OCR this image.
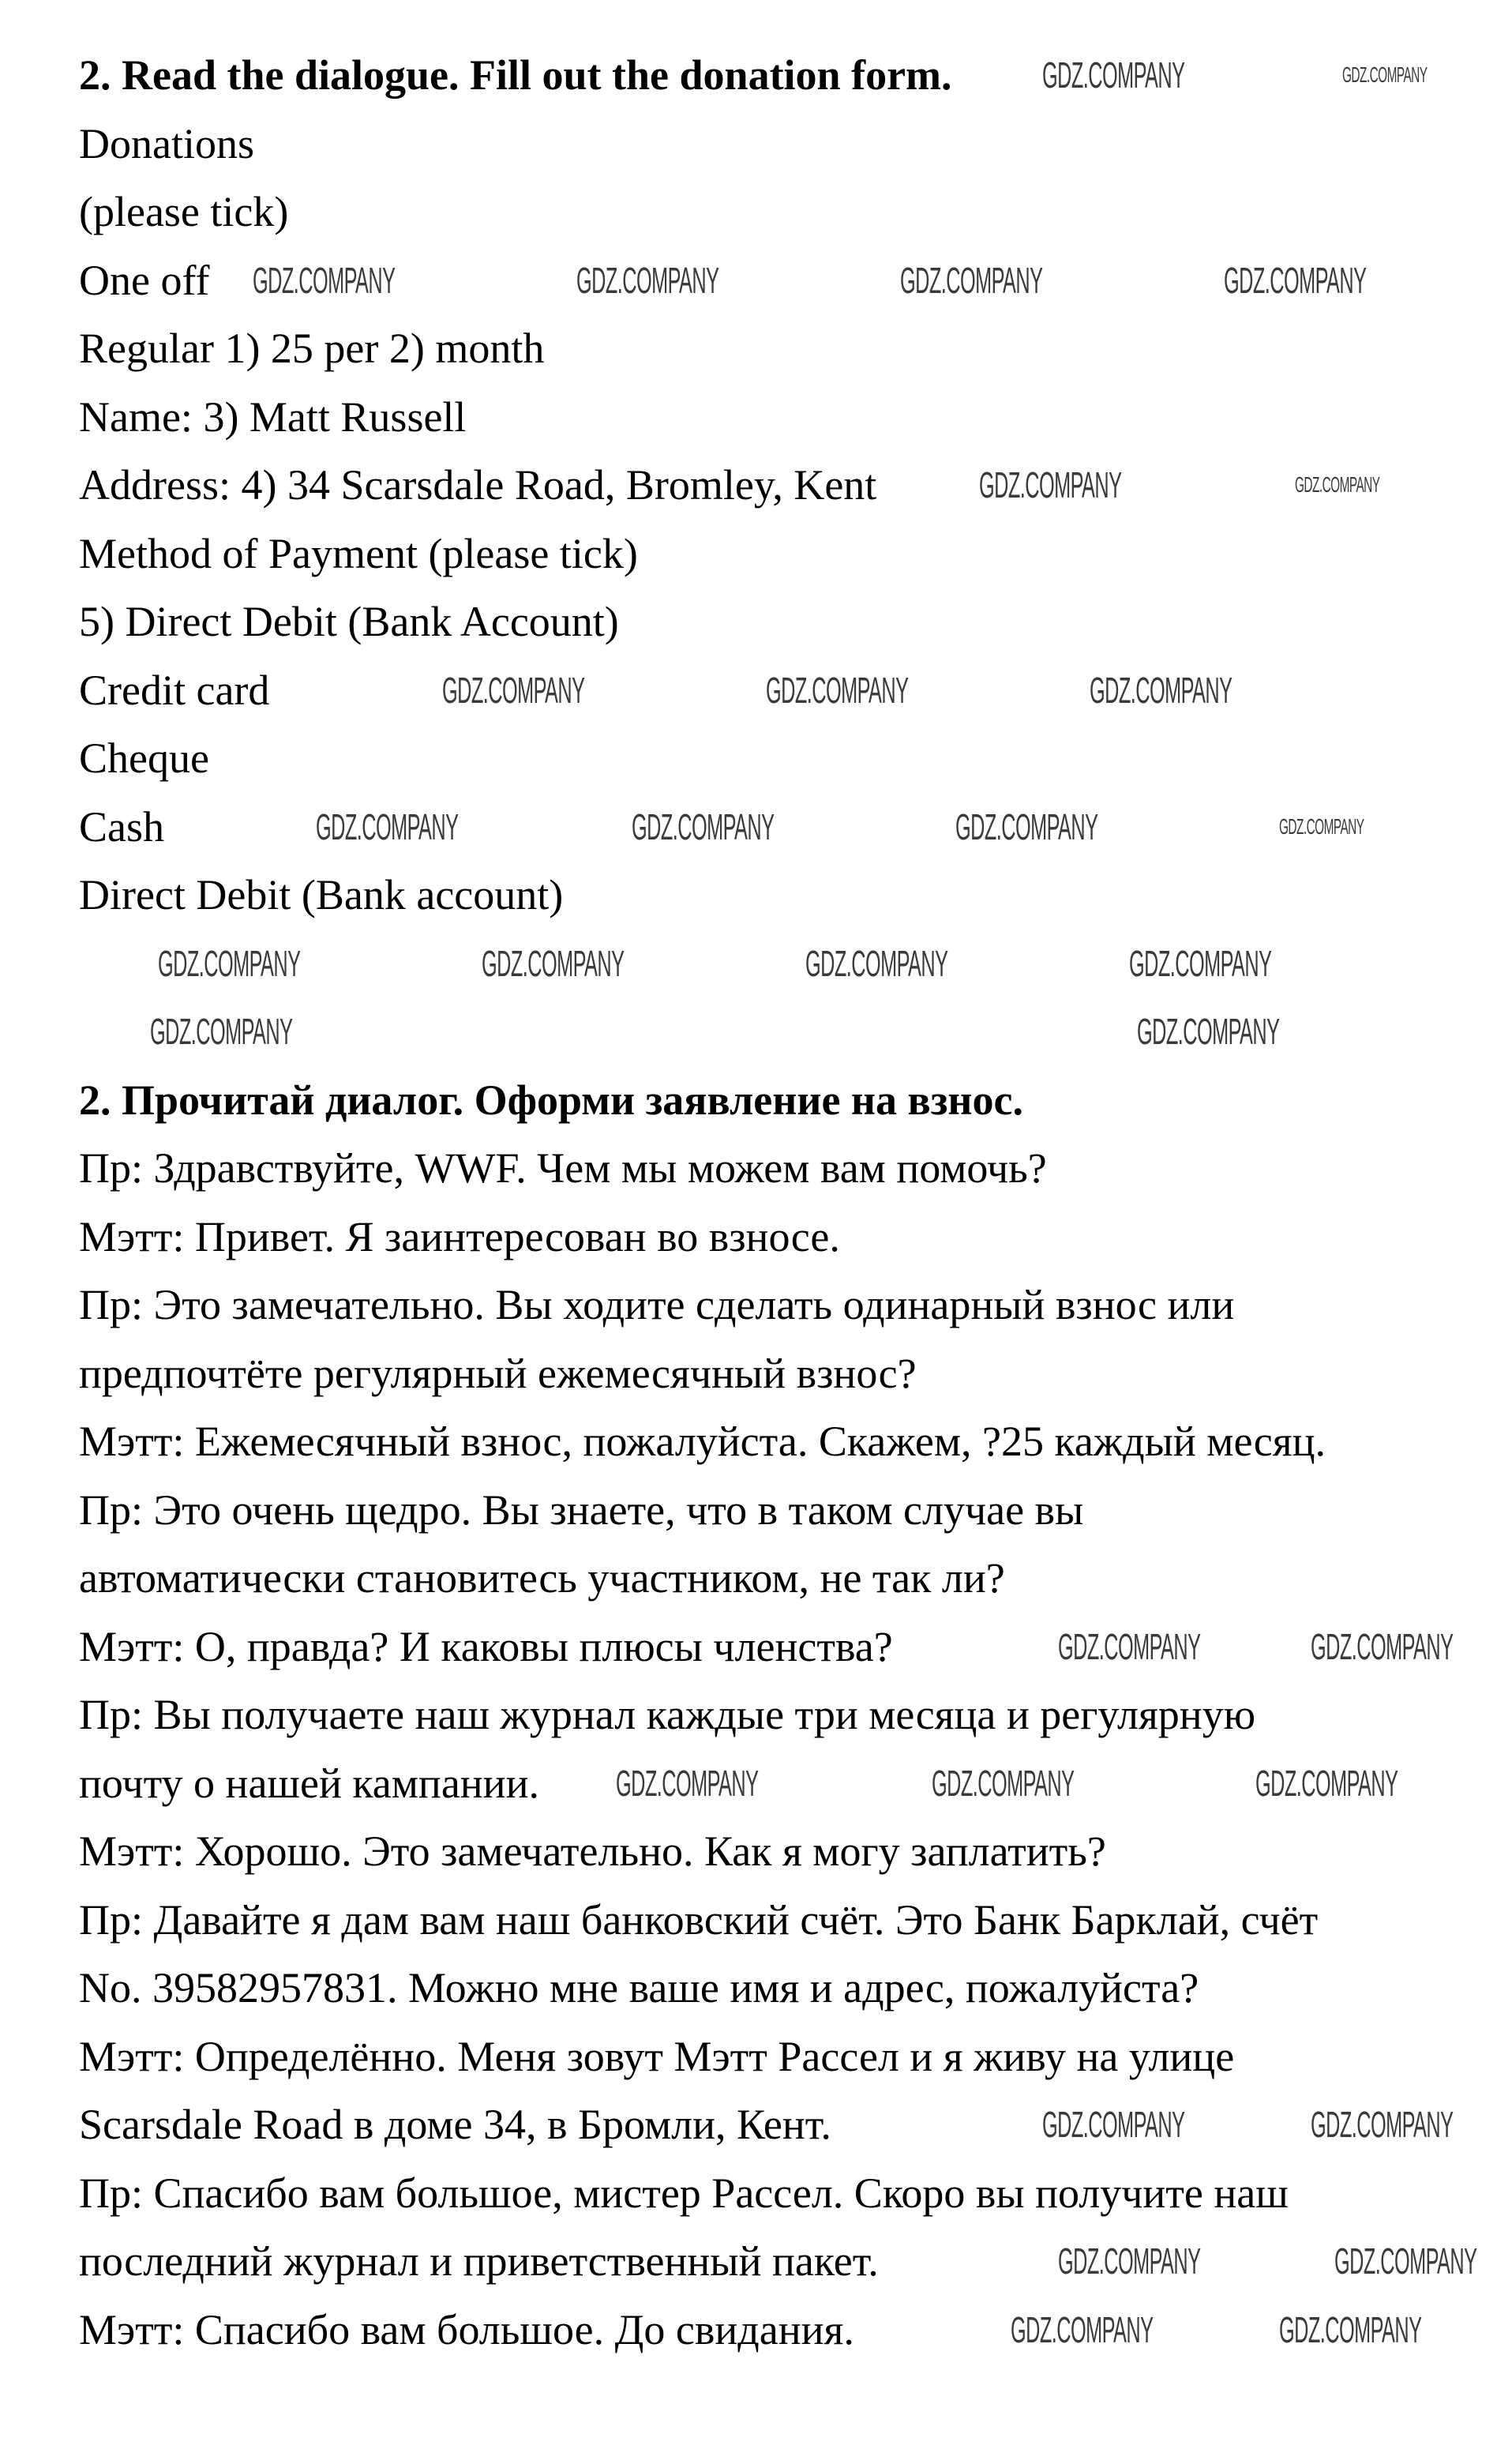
2. Read the dialogue. Fill out the donation form.
Donations
(please tick)
One off
Regular 1) 25 per 2) month
Name: 3) Matt Russell
Address: 4) 34 Scarsdale Road, Bromley, Kent
Method of Payment (please tick)
5) Direct Debit (Bank Account)
Credit card
Cheque
Cash
Direct Debit (Bank account)
2. Прочитай диалог. Оформи заявление на взнос.
Пр: Здравствуйте, WWF. Чем мы можем вам помочь?
Мэтт: Привет. Я заинтересован во взносе.
Пр: Это замечательно. Вы ходите сделать одинарный взнос или
предпочтёте регулярный ежемесячный взнос?
Мэтт: Ежемесячный взнос, пожалуйста. Скажем, ?25 каждый месяц.
Пр: Это очень щедро. Вы знаете, что в таком случае вы
автоматически становитесь участником, не так ли?
Мэтт: О, правда? И каковы плюсы членства?
Пр: Вы получаете наш журнал каждые три месяца и регулярную
почту о нашей кампании.
Мэтт: Хорошо. Это замечательно. Как я могу заплатить?
Пр: Давайте я дам вам наш банковский счёт. Это Банк Барклай, счёт
No. 39582957831. Можно мне ваше имя и адрес, пожалуйста?
Мэтт: Определённо. Меня зовут Мэтт Рассел и я живу на улице
Scarsdale Road в доме 34, в Бромли, Кент.
Пр: Спасибо вам большое, мистер Рассел. Скоро вы получите наш
последний журнал и приветственный пакет.
Мэтт: Спасибо вам большое. До свидания.
GDZ.COMPANY	GDZ.COMPANY
GDZ.COMPANY	GDZ.COMPANY	GDZ.COMPANY	GDZ.COMPANY
GDZ.COMPANY	GDZ.COMPANY
GDZ.COMPANY	GDZ.COMPANY	GDZ.COMPANY
GDZ.COMPANY	GDZ.COMPANY	GDZ.COMPANY	GDZ.COMPANY
GDZ.COMPANY	GDZ.COMPANY	GDZ.COMPANY	GDZ.COMPANY
GDZ.COMPANY	GDZ.COMPANY
GDZ.COMPANY	GDZ.COMPANY
GDZ.COMPANY	GDZ.COMPANY	GDZ.COMPANY
GDZ.COMPANY	GDZ.COMPANY
GDZ.COMPANY	GDZ.COMPANY
GDZ.COMPANY	GDZ.COMPANY
